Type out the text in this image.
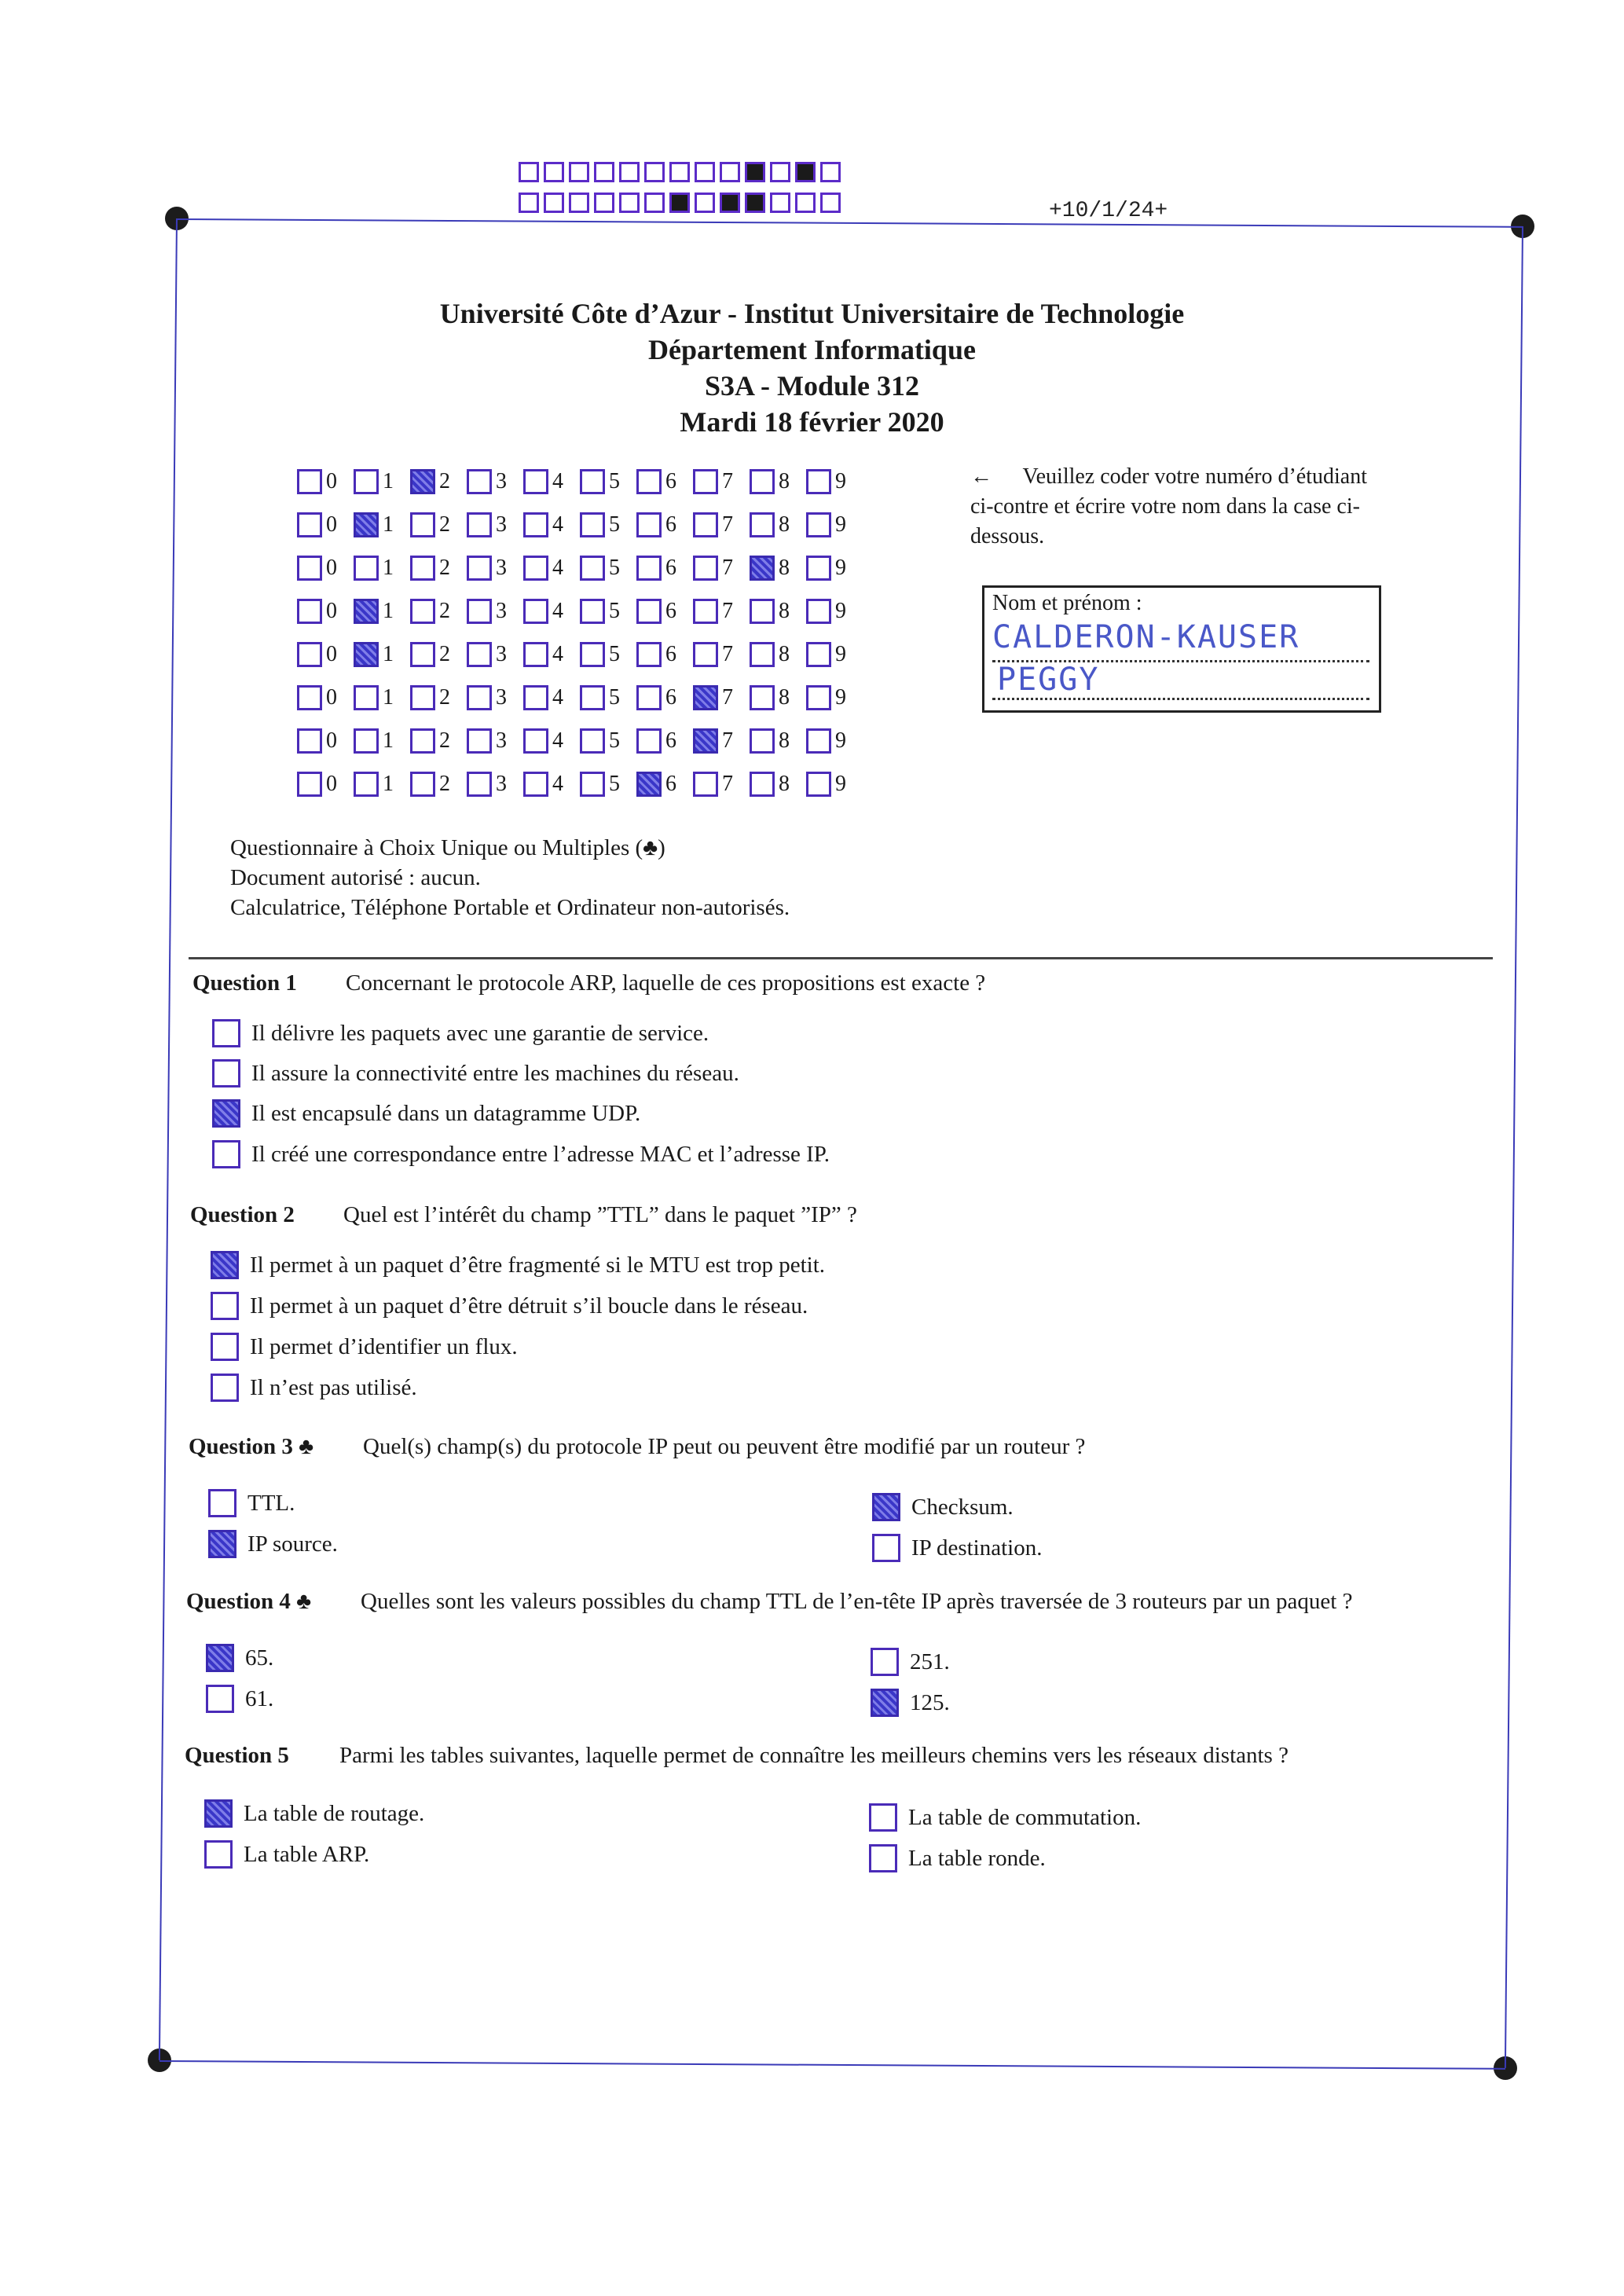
+10/1/24+
Université Côte d’Azur - Institut Universitaire de Technologie
Département Informatique
S3A - Module 312
Mardi 18 février 2020
0 1 2 3 4 5 6 7 8 9
0 1 2 3 4 5 6 7 8 9
0 1 2 3 4 5 6 7 8 9
0 1 2 3 4 5 6 7 8 9
0 1 2 3 4 5 6 7 8 9
0 1 2 3 4 5 6 7 8 9
0 1 2 3 4 5 6 7 8 9
0 1 2 3 4 5 6 7 8 9
← Veuillez coder votre numéro d’étudiant ci-contre et écrire votre nom dans la case ci-dessous.
Nom et prénom :
CALDERON-KAUSER
PEGGY
Questionnaire à Choix Unique ou Multiples (♣)
Document autorisé : aucun.
Calculatrice, Téléphone Portable et Ordinateur non-autorisés.
Question 1 Concernant le protocole ARP, laquelle de ces propositions est exacte ?
Il délivre les paquets avec une garantie de service.
Il assure la connectivité entre les machines du réseau.
Il est encapsulé dans un datagramme UDP.
Il créé une correspondance entre l’adresse MAC et l’adresse IP.
Question 2 Quel est l’intérêt du champ ”TTL” dans le paquet ”IP” ?
Il permet à un paquet d’être fragmenté si le MTU est trop petit.
Il permet à un paquet d’être détruit s’il boucle dans le réseau.
Il permet d’identifier un flux.
Il n’est pas utilisé.
Question 3 ♣ Quel(s) champ(s) du protocole IP peut ou peuvent être modifié par un routeur ?
TTL.
IP source.
Checksum.
IP destination.
Question 4 ♣ Quelles sont les valeurs possibles du champ TTL de l’en-tête IP après traversée de 3 routeurs par un paquet ?
65.
61.
251.
125.
Question 5 Parmi les tables suivantes, laquelle permet de connaître les meilleurs chemins vers les réseaux distants ?
La table de routage.
La table ARP.
La table de commutation.
La table ronde.
